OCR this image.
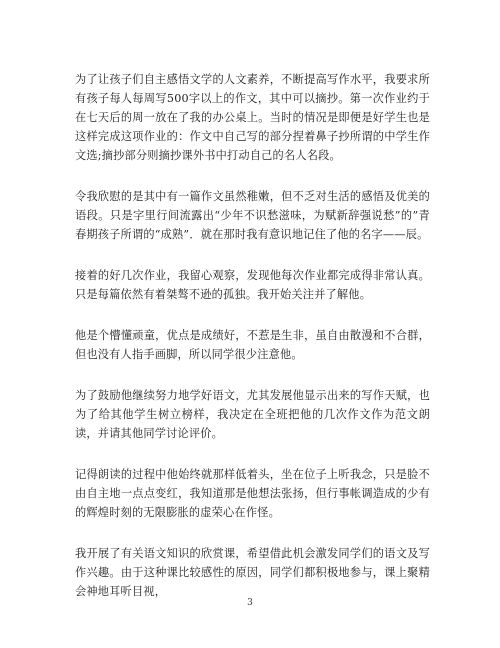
为了让孩子们自主感悟文学的人文素养，不断提高写作水平，我要求所有孩子每人每周写500字以上的作文，其中可以摘抄。第一次作业约于在七天后的周一放在了我的办公桌上。当时的情况是即便是好学生也是这样完成这项作业的：作文中自己写的部分捏着鼻子抄所谓的中学生作文选;摘抄部分则摘抄课外书中打动自己的名人名段。

令我欣慰的是其中有一篇作文虽然稚嫩，但不乏对生活的感悟及优美的语段。只是字里行间流露出“少年不识愁滋味，为赋新辞强说愁”的”青春期孩子所谓的“成熟”．就在那时我有意识地记住了他的名字——辰。

接着的好几次作业，我留心观察，发现他每次作业都完成得非常认真。只是每篇依然有着桀骜不逊的孤独。我开始关注并了解他。

他是个懵懂顽童，优点是成绩好，不惹是生非，虽自由散漫和不合群，但也没有人指手画脚，所以同学很少注意他。

为了鼓励他继续努力地学好语文，尤其发展他显示出来的写作天赋，也为了给其他学生树立榜样，我决定在全班把他的几次作文作为范文朗读，并请其他同学讨论评价。

记得朗读的过程中他始终就那样低着头，坐在位子上听我念，只是脸不由自主地一点点变红，我知道那是他想法张扬，但行事帐调造成的少有的辉煌时刻的无限膨胀的虚荣心在作怪。

我开展了有关语文知识的欣赏课，希望借此机会激发同学们的语文及写作兴趣。由于这种课比较感性的原因，同学们都积极地参与，课上聚精会神地耳听目视，

3
